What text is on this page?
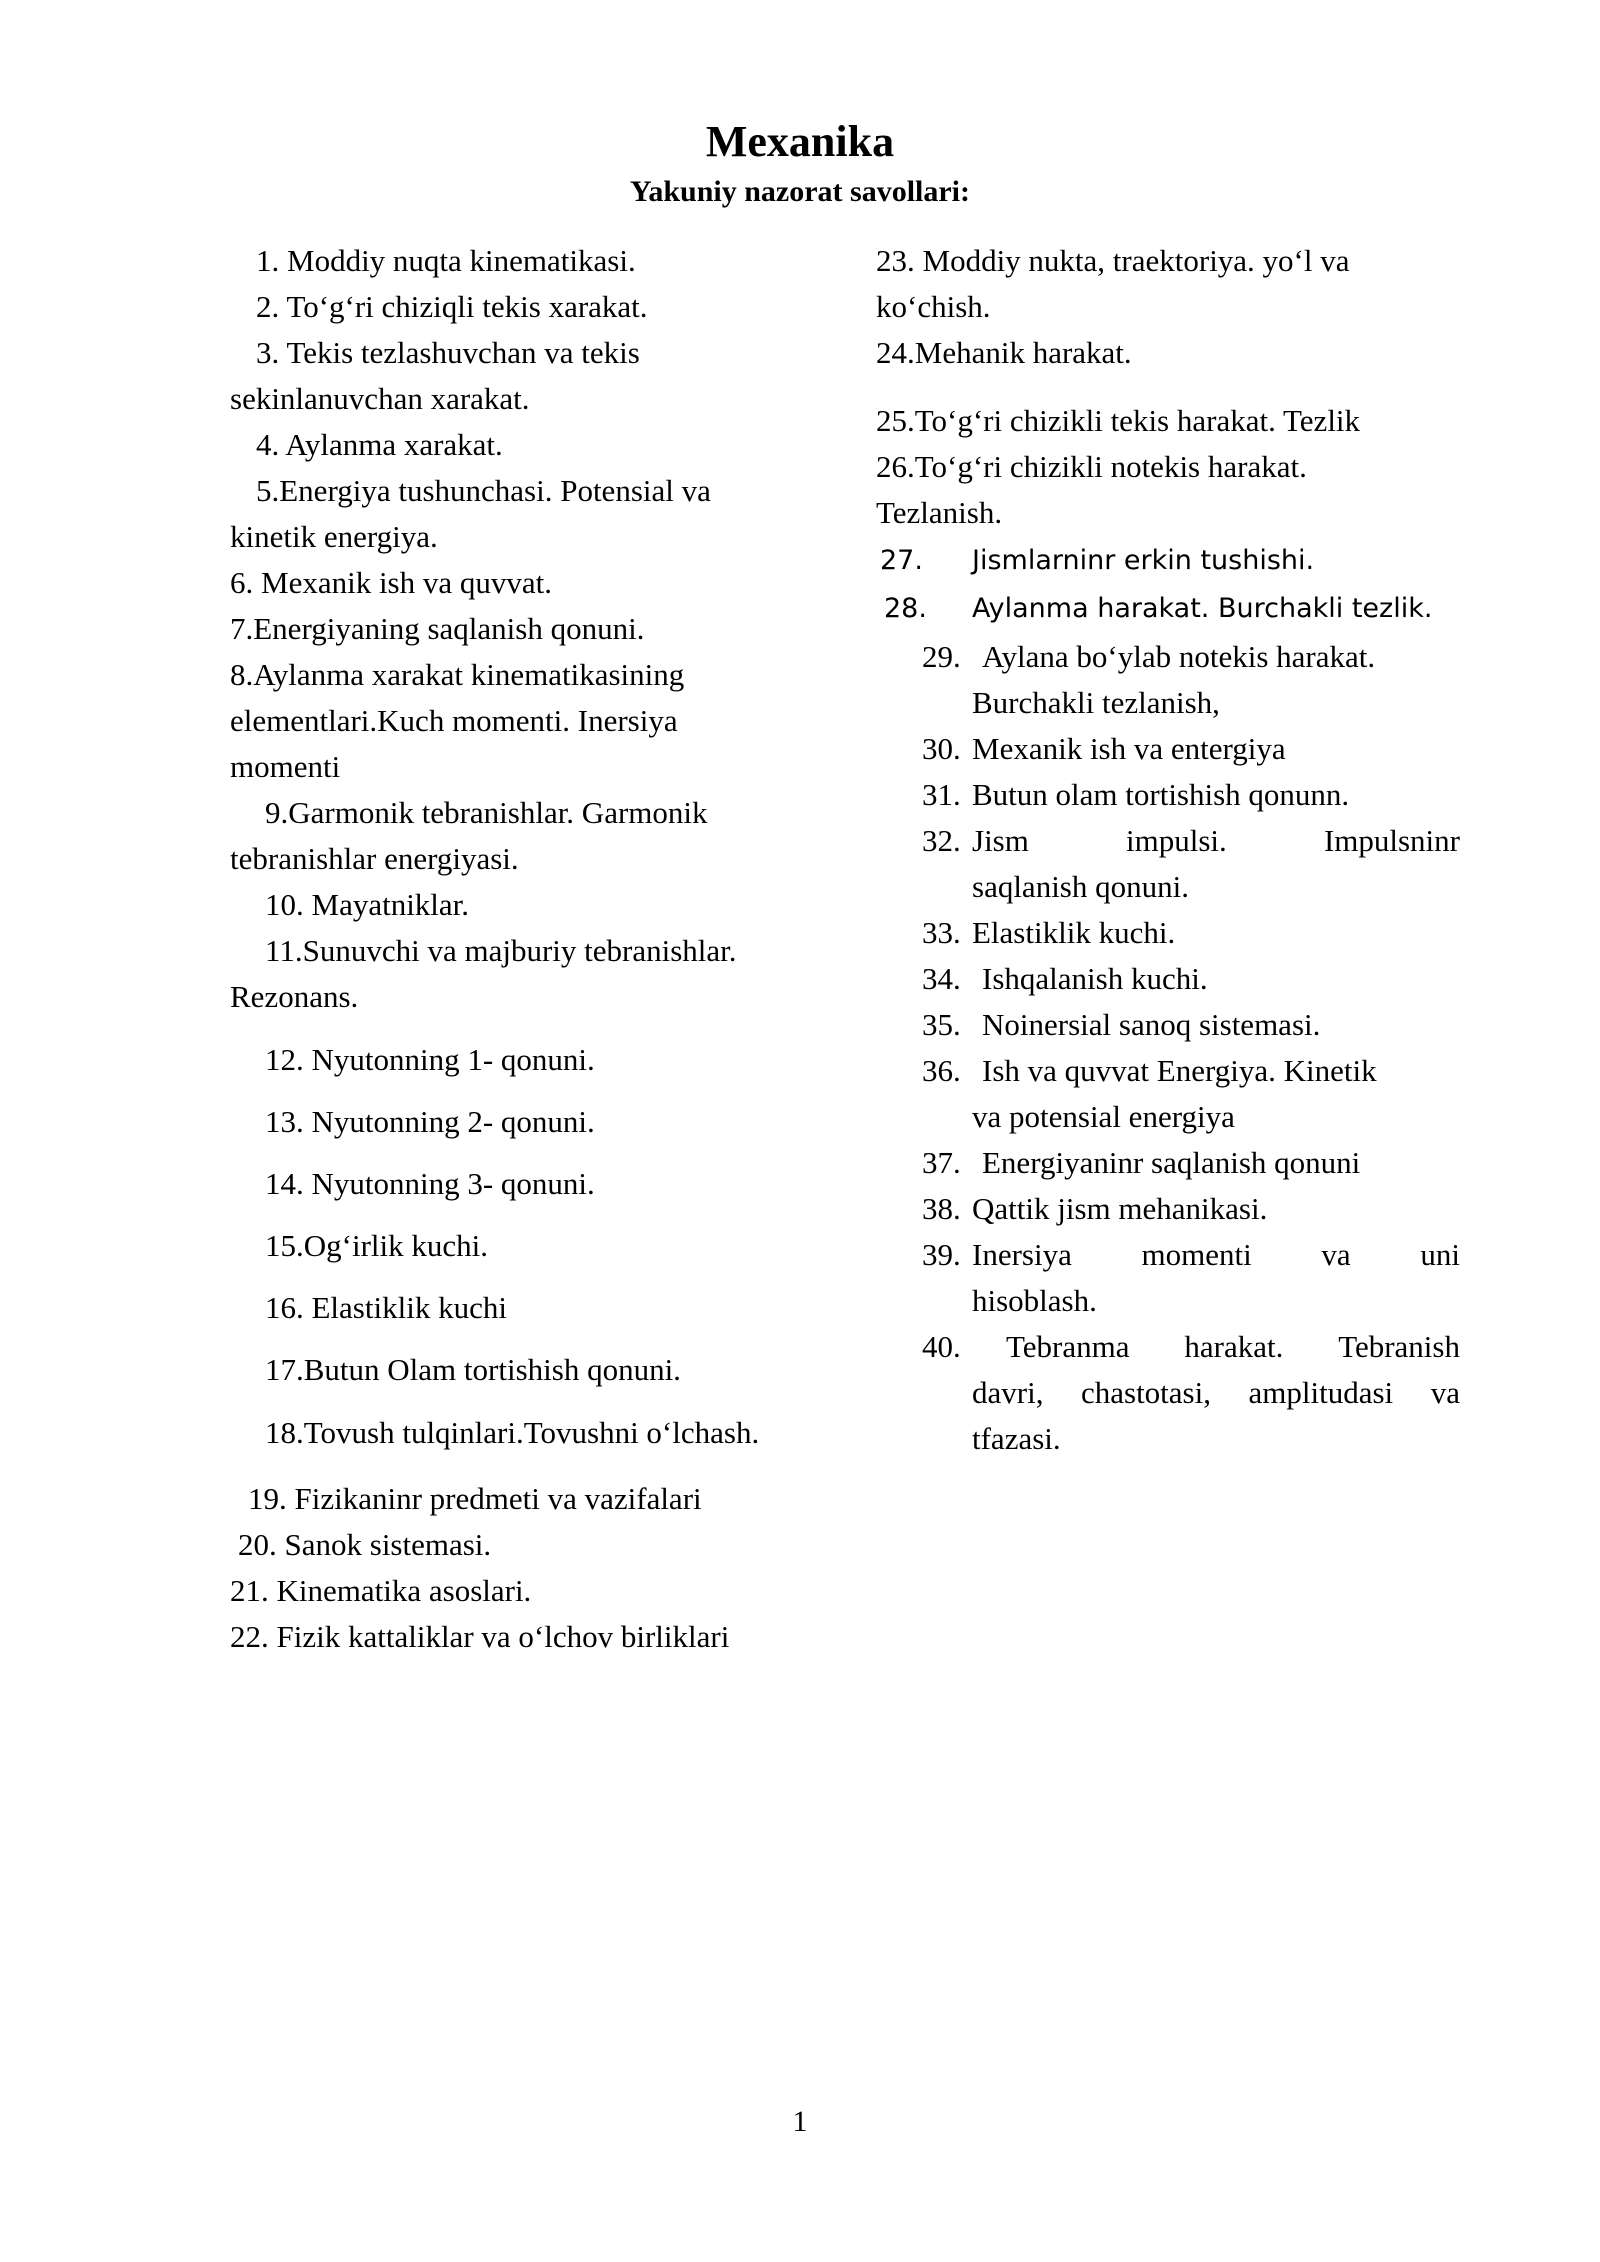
Mexanika
Yakuniy nazorat savollari:
1. Moddiy nuqta kinematikasi.
2. To‘g‘ri chiziqli tekis xarakat.
3. Tekis tezlashuvchan va tekis
sekinlanuvchan xarakat.
4. Aylanma xarakat.
5.Energiya tushunchasi. Potensial va
kinetik energiya.
6. Mexanik ish va quvvat.
7.Energiyaning saqlanish qonuni.
8.Aylanma xarakat kinematikasining
elementlari.Kuch momenti. Inersiya
momenti
9.Garmonik tebranishlar. Garmonik
tebranishlar energiyasi.
10. Mayatniklar.
11.Sunuvchi va majburiy tebranishlar.
Rezonans.
12. Nyutonning 1- qonuni.
13. Nyutonning 2- qonuni.
14. Nyutonning 3- qonuni.
15.Og‘irlik kuchi.
16. Elastiklik kuchi
17.Butun Olam tortishish qonuni.
18.Tovush tulqinlari.Tovushni o‘lchash.
19. Fizikaninr predmeti va vazifalari
20. Sanok sistemasi.
21. Kinematika asoslari.
22. Fizik kattaliklar va o‘lchov birliklari
23. Moddiy nukta, traektoriya. yo‘l va
ko‘chish.
24.Mehanik harakat.
25.To‘g‘ri chizikli tekis harakat. Tezlik
26.To‘g‘ri chizikli notekis harakat.
Tezlanish.
27. Jismlarninr erkin tushishi.
28. Aylanma harakat. Burchakli tezlik.
29. Aylana bo‘ylab notekis harakat.
Burchakli tezlanish,
30. Mexanik ish va entergiya
31. Butun olam tortishish qonunn.
32. Jism	impulsi.	Impulsninr
saqlanish qonuni.
33. Elastiklik kuchi.
34. Ishqalanish kuchi.
35. Noinersial sanoq sistemasi.
36. Ish va quvvat Energiya. Kinetik
va potensial energiya
37. Energiyaninr saqlanish qonuni
38. Qattik jism mehanikasi.
39. Inersiya momenti va uni
hisoblash.
40. Tebranma harakat. Tebranish
davri, chastotasi, amplitudasi va
tfazasi.
1
